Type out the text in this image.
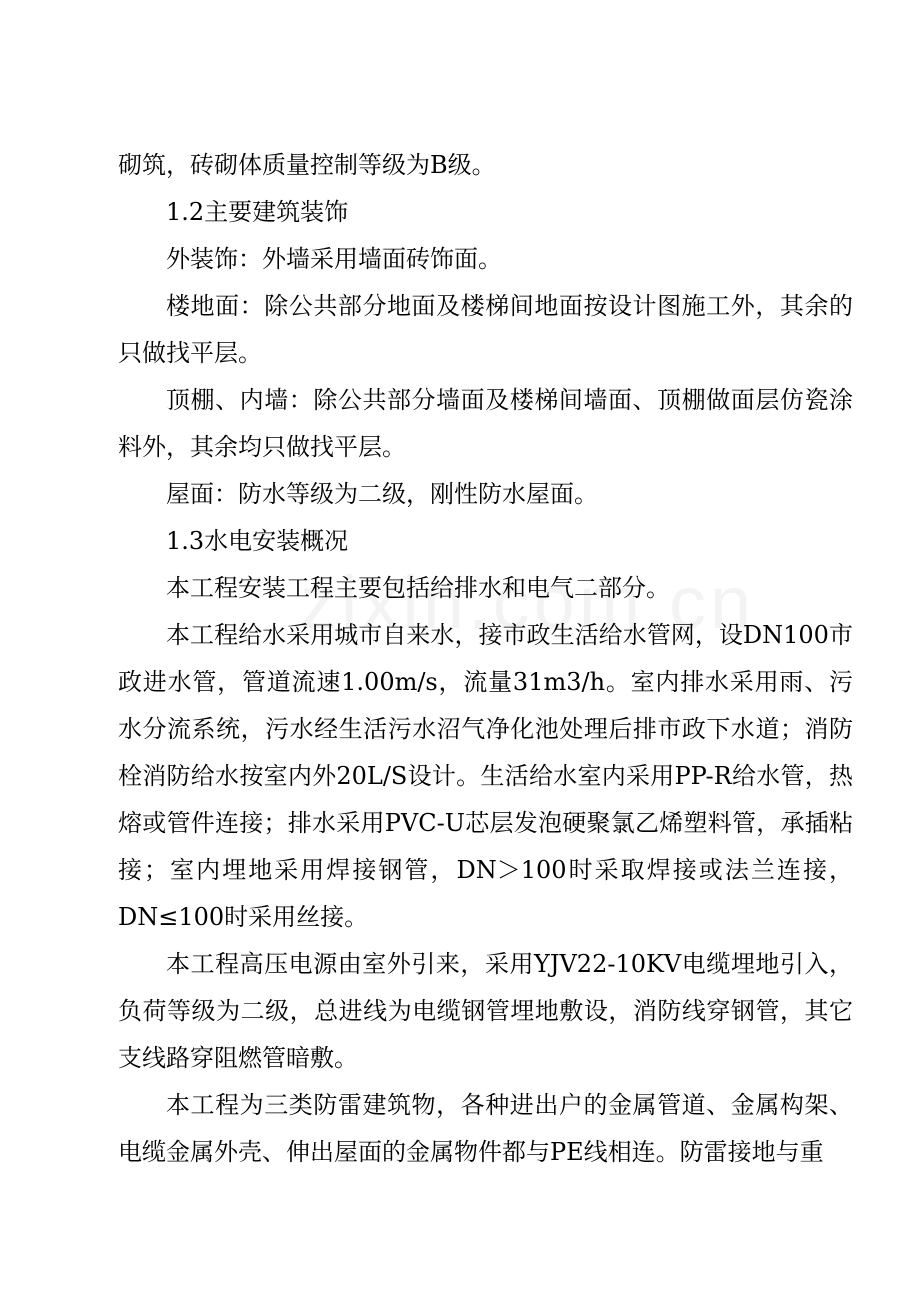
砌筑，砖砌体质量控制等级为B级。

1.2主要建筑装饰

外装饰：外墙采用墙面砖饰面。

楼地面：除公共部分地面及楼梯间地面按设计图施工外，其余的只做找平层。

顶棚、内墙：除公共部分墙面及楼梯间墙面、顶棚做面层仿瓷涂料外，其余均只做找平层。

屋面：防水等级为二级，刚性防水屋面。

1.3水电安装概况

本工程安装工程主要包括给排水和电气二部分。

本工程给水采用城市自来水，接市政生活给水管网，设DN100市政进水管，管道流速1.00m/s，流量31m3/h。室内排水采用雨、污水分流系统，污水经生活污水沼气净化池处理后排市政下水道；消防栓消防给水按室内外20L/S设计。生活给水室内采用PP-R给水管，热熔或管件连接；排水采用PVC-U芯层发泡硬聚氯乙烯塑料管，承插粘接；室内埋地采用焊接钢管，DN＞100时采取焊接或法兰连接，DN≤100时采用丝接。

本工程高压电源由室外引来，采用YJV22-10KV电缆埋地引入，负荷等级为二级，总进线为电缆钢管埋地敷设，消防线穿钢管，其它支线路穿阻燃管暗敷。

本工程为三类防雷建筑物，各种进出户的金属管道、金属构架、电缆金属外壳、伸出屋面的金属物件都与PE线相连。防雷接地与重
